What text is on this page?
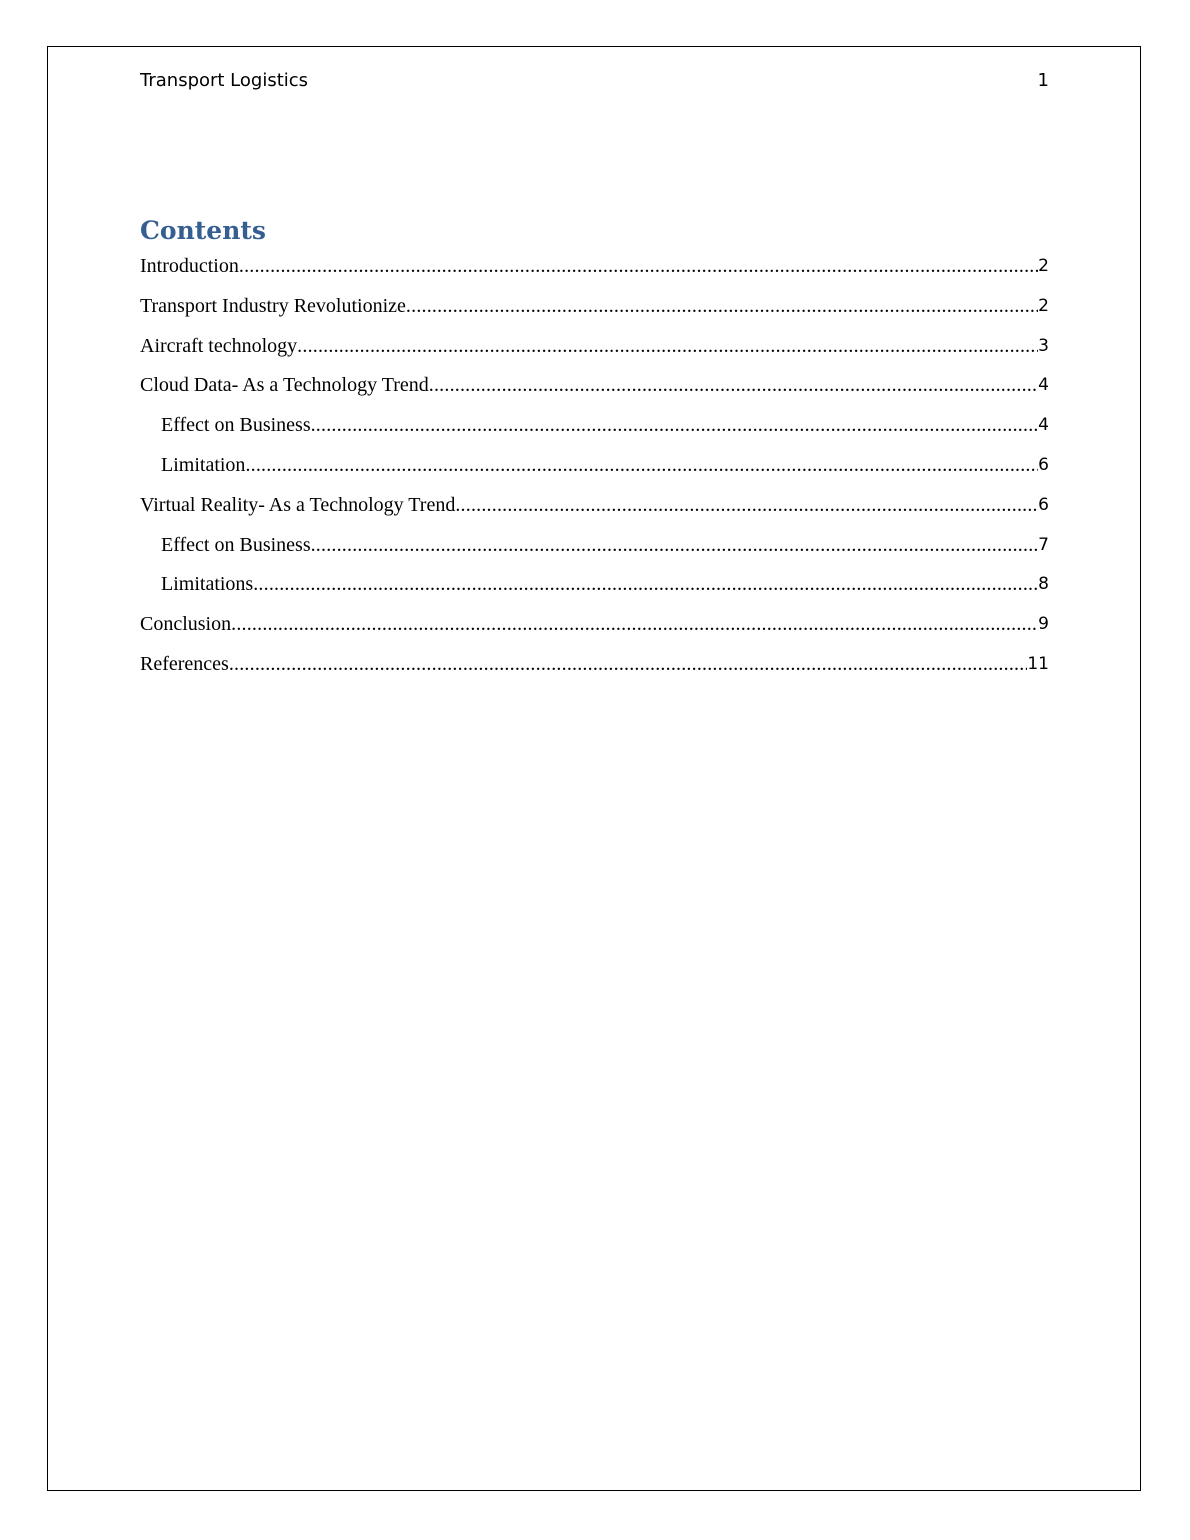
Transport Logistics	1
Contents
Introduction .....	2
Transport Industry Revolutionize .....	2
Aircraft technology .....	3
Cloud Data- As a Technology Trend .....	4
Effect on Business .....	4
Limitation .....	6
Virtual Reality- As a Technology Trend .....	6
Effect on Business .....	7
Limitations .....	8
Conclusion .....	9
References .....	11
